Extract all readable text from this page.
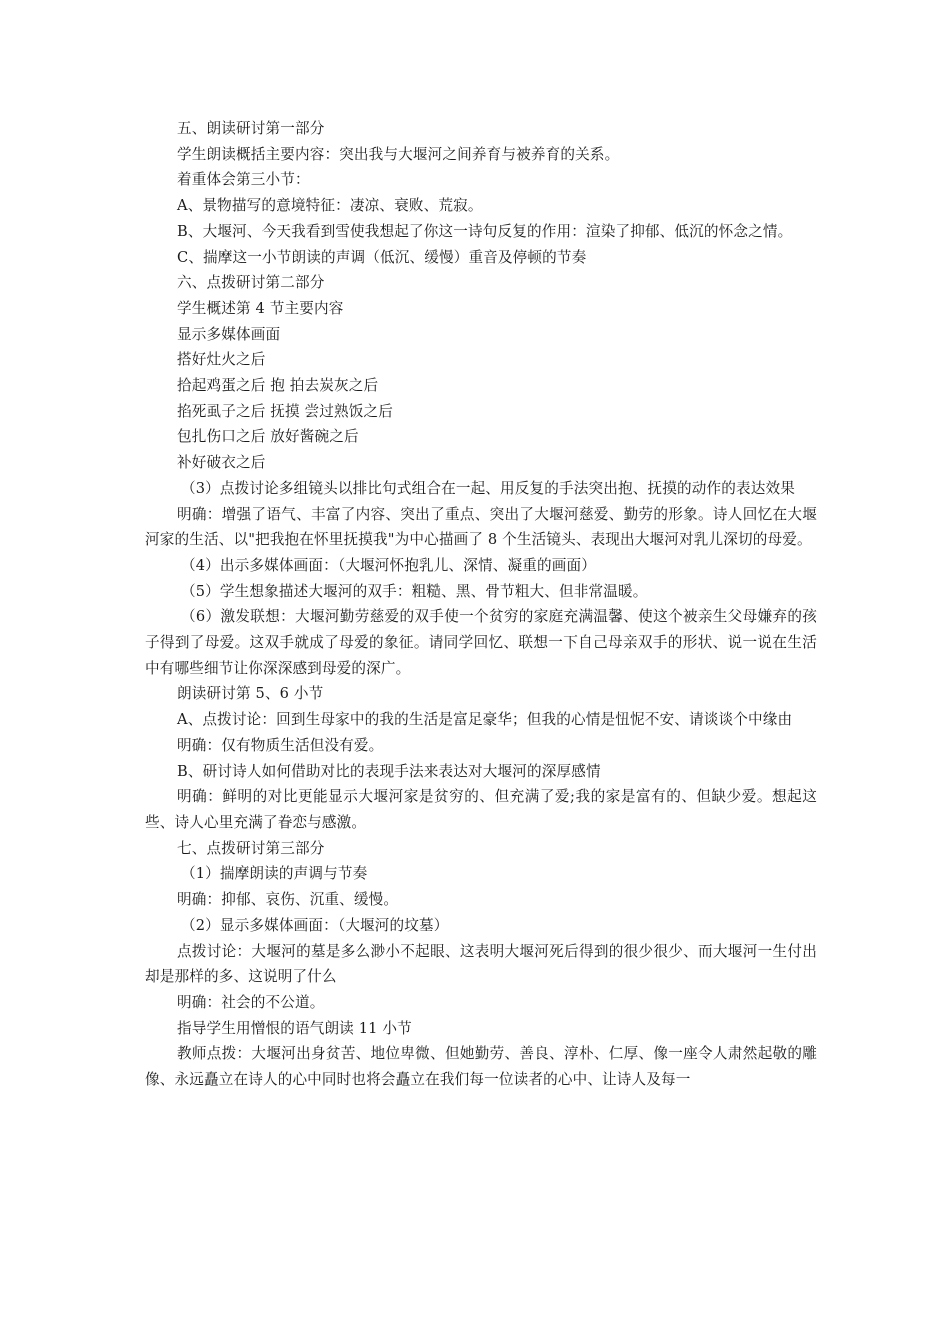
五、朗读研讨第一部分

学生朗读概括主要内容：突出我与大堰河之间养育与被养育的关系。

着重体会第三小节：

A、景物描写的意境特征：凄凉、衰败、荒寂。

B、大堰河、今天我看到雪使我想起了你这一诗句反复的作用：渲染了抑郁、低沉的怀念之情。

C、揣摩这一小节朗读的声调（低沉、缓慢）重音及停顿的节奏

六、点拨研讨第二部分

学生概述第 4 节主要内容

显示多媒体画面

搭好灶火之后

拾起鸡蛋之后 抱 拍去炭灰之后

掐死虱子之后 抚摸 尝过熟饭之后

包扎伤口之后 放好酱碗之后

补好破衣之后

（3）点拨讨论多组镜头以排比句式组合在一起、用反复的手法突出抱、抚摸的动作的表达效果

明确：增强了语气、丰富了内容、突出了重点、突出了大堰河慈爱、勤劳的形象。诗人回忆在大堰河家的生活、以"把我抱在怀里抚摸我"为中心描画了 8 个生活镜头、表现出大堰河对乳儿深切的母爱。

（4）出示多媒体画面：（大堰河怀抱乳儿、深情、凝重的画面）

（5）学生想象描述大堰河的双手：粗糙、黑、骨节粗大、但非常温暖。

（6）激发联想：大堰河勤劳慈爱的双手使一个贫穷的家庭充满温馨、使这个被亲生父母嫌弃的孩子得到了母爱。这双手就成了母爱的象征。请同学回忆、联想一下自己母亲双手的形状、说一说在生活中有哪些细节让你深深感到母爱的深广。

朗读研讨第 5、6 小节

A、点拨讨论：回到生母家中的我的生活是富足豪华；但我的心情是忸怩不安、请谈谈个中缘由

明确：仅有物质生活但没有爱。

B、研讨诗人如何借助对比的表现手法来表达对大堰河的深厚感情

明确：鲜明的对比更能显示大堰河家是贫穷的、但充满了爱;我的家是富有的、但缺少爱。想起这些、诗人心里充满了眷恋与感激。

七、点拨研讨第三部分

（1）揣摩朗读的声调与节奏

明确：抑郁、哀伤、沉重、缓慢。

（2）显示多媒体画面：（大堰河的坟墓）

点拨讨论：大堰河的墓是多么渺小不起眼、这表明大堰河死后得到的很少很少、而大堰河一生付出却是那样的多、这说明了什么

明确：社会的不公道。

指导学生用憎恨的语气朗读 11 小节

教师点拨：大堰河出身贫苦、地位卑微、但她勤劳、善良、淳朴、仁厚、像一座令人肃然起敬的雕像、永远矗立在诗人的心中同时也将会矗立在我们每一位读者的心中、让诗人及每一
